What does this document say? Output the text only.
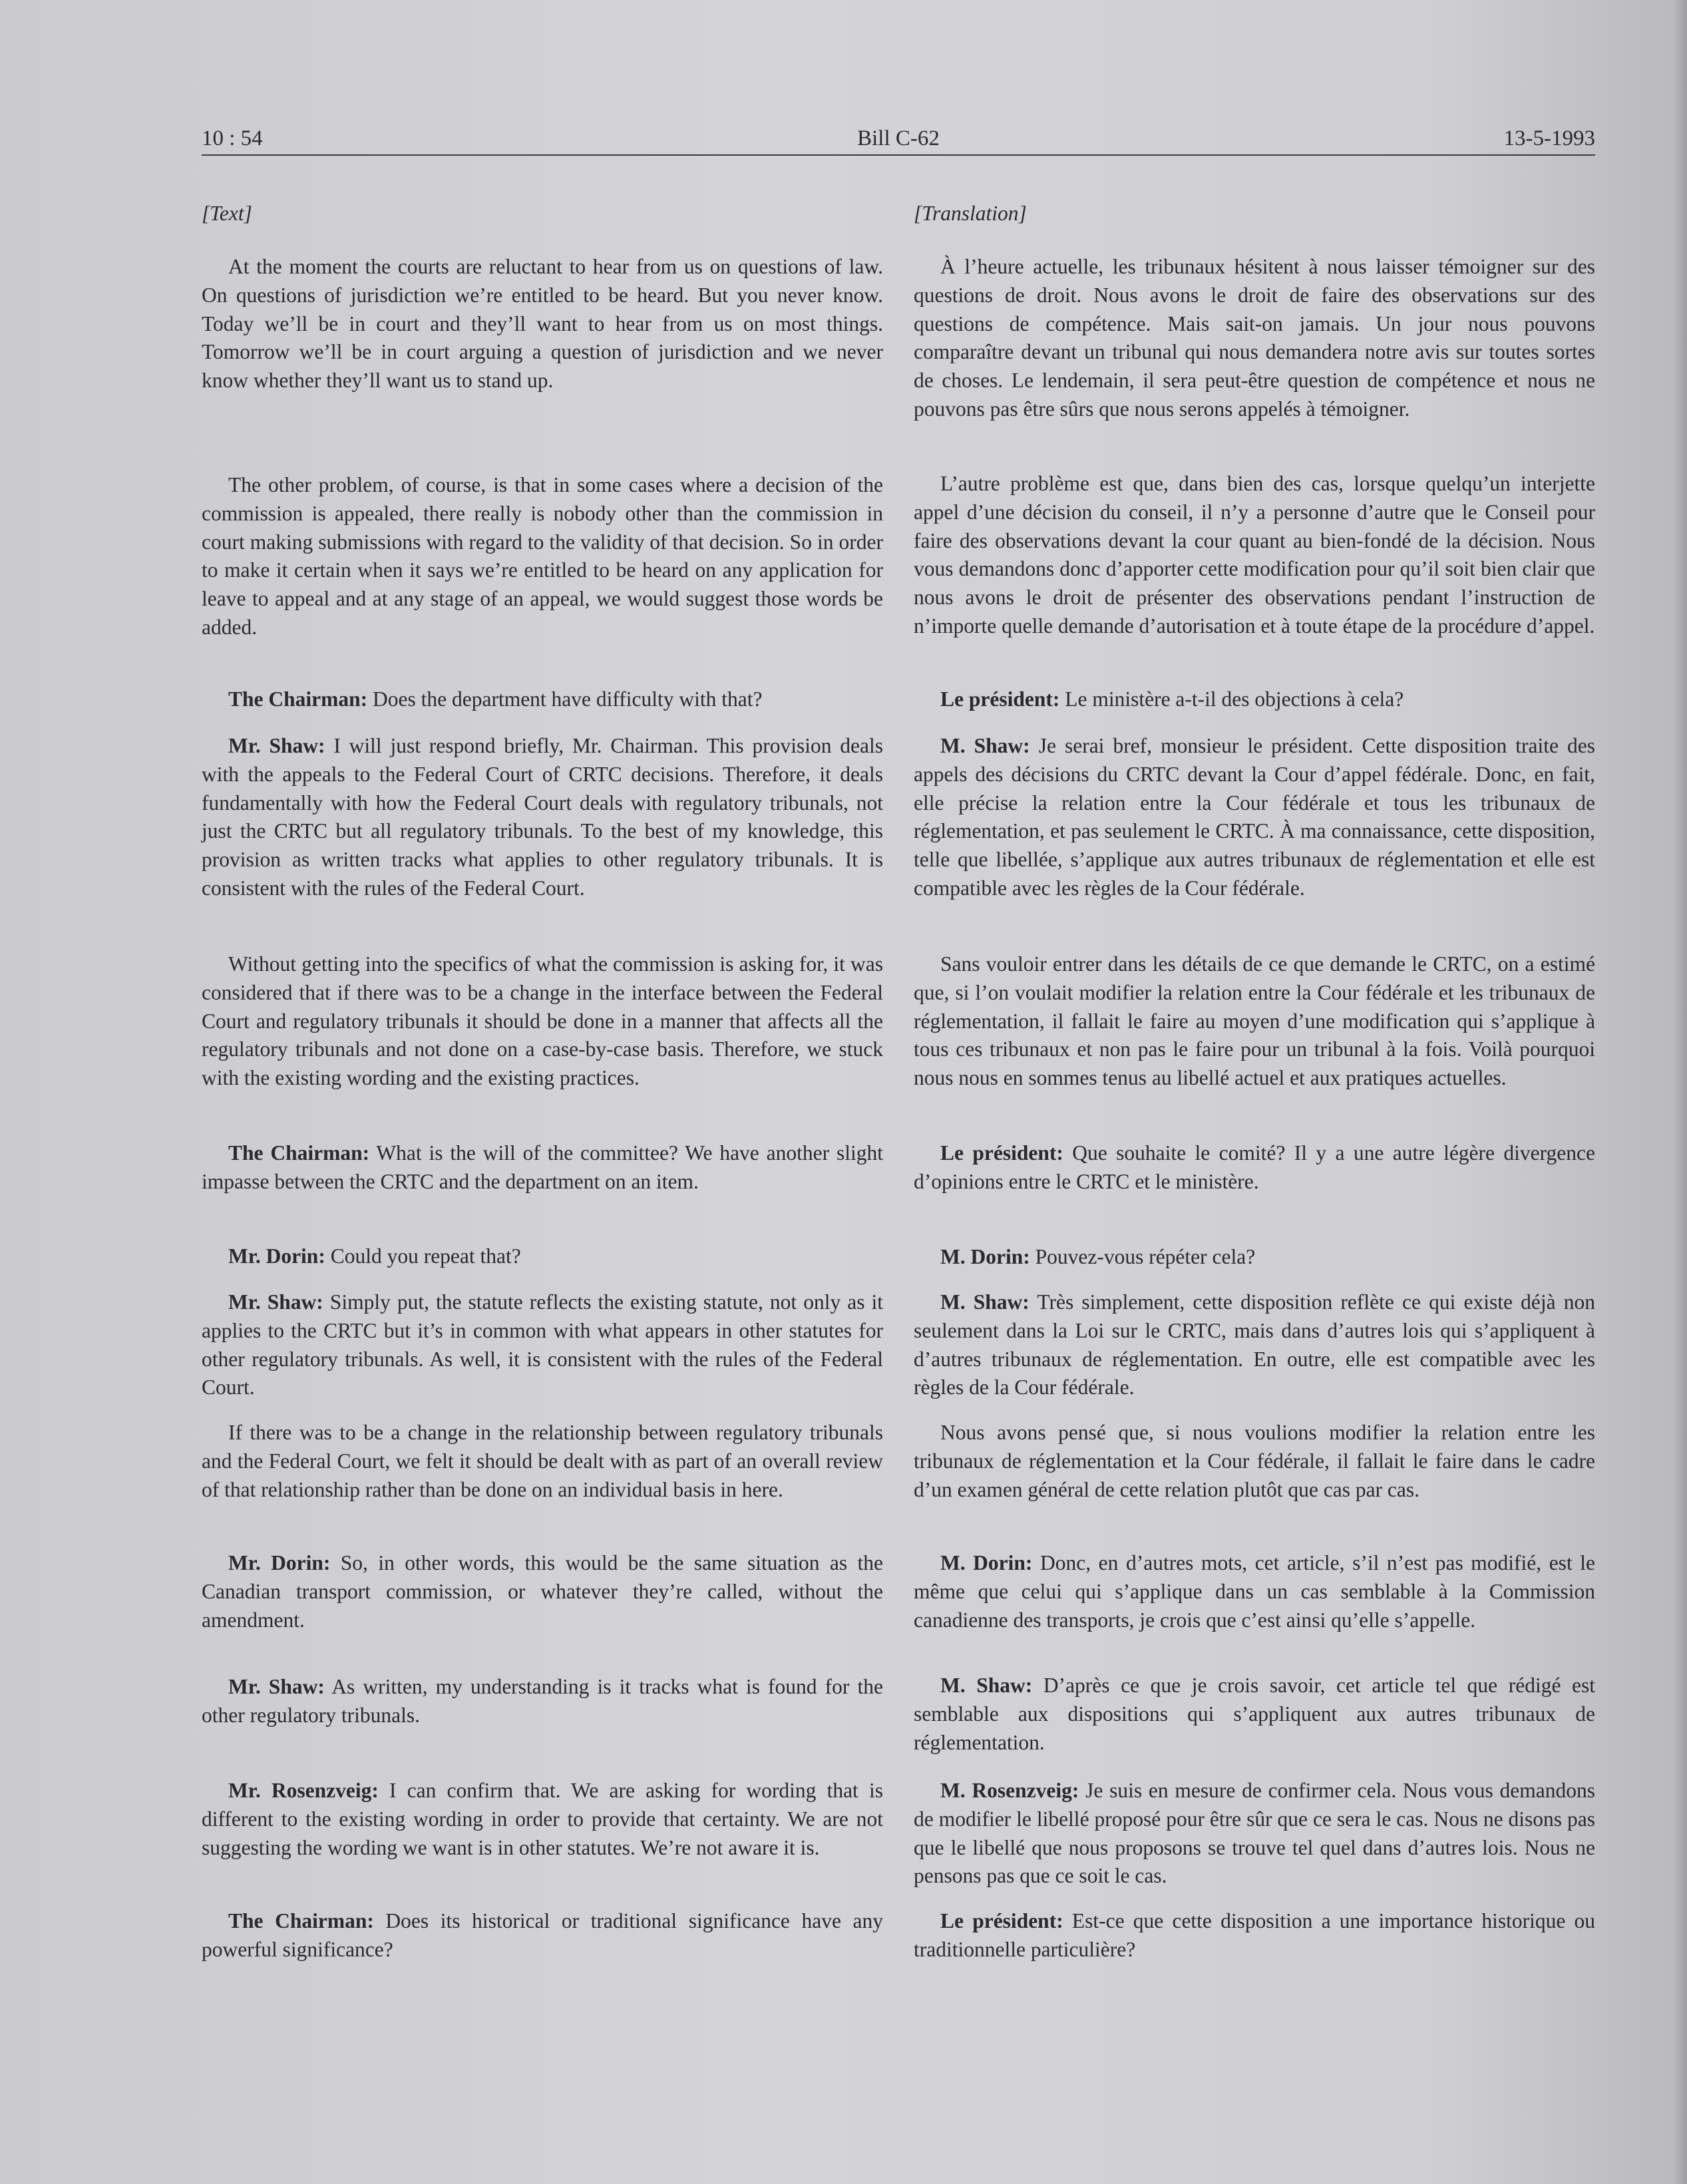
10 : 54	Bill C-62	13-5-1993

[Text]

At the moment the courts are reluctant to hear from us on questions of law. On questions of jurisdiction we’re entitled to be heard. But you never know. Today we’ll be in court and they’ll want to hear from us on most things. Tomorrow we’ll be in court arguing a question of jurisdiction and we never know whether they’ll want us to stand up.

The other problem, of course, is that in some cases where a decision of the commission is appealed, there really is nobody other than the commission in court making submissions with regard to the validity of that decision. So in order to make it certain when it says we’re entitled to be heard on any application for leave to appeal and at any stage of an appeal, we would suggest those words be added.

The Chairman: Does the department have difficulty with that?

Mr. Shaw: I will just respond briefly, Mr. Chairman. This provision deals with the appeals to the Federal Court of CRTC decisions. Therefore, it deals fundamentally with how the Federal Court deals with regulatory tribunals, not just the CRTC but all regulatory tribunals. To the best of my knowledge, this provision as written tracks what applies to other regulatory tribunals. It is consistent with the rules of the Federal Court.

Without getting into the specifics of what the commission is asking for, it was considered that if there was to be a change in the interface between the Federal Court and regulatory tribunals it should be done in a manner that affects all the regulatory tribunals and not done on a case-by-case basis. Therefore, we stuck with the existing wording and the existing practices.

The Chairman: What is the will of the committee? We have another slight impasse between the CRTC and the department on an item.

Mr. Dorin: Could you repeat that?

Mr. Shaw: Simply put, the statute reflects the existing statute, not only as it applies to the CRTC but it’s in common with what appears in other statutes for other regulatory tribunals. As well, it is consistent with the rules of the Federal Court.

If there was to be a change in the relationship between regulatory tribunals and the Federal Court, we felt it should be dealt with as part of an overall review of that relationship rather than be done on an individual basis in here.

Mr. Dorin: So, in other words, this would be the same situation as the Canadian transport commission, or whatever they’re called, without the amendment.

Mr. Shaw: As written, my understanding is it tracks what is found for the other regulatory tribunals.

Mr. Rosenzveig: I can confirm that. We are asking for wording that is different to the existing wording in order to provide that certainty. We are not suggesting the wording we want is in other statutes. We’re not aware it is.

The Chairman: Does its historical or traditional significance have any powerful significance?

[Translation]

À l’heure actuelle, les tribunaux hésitent à nous laisser témoigner sur des questions de droit. Nous avons le droit de faire des observations sur des questions de compétence. Mais sait-on jamais. Un jour nous pouvons comparaître devant un tribunal qui nous demandera notre avis sur toutes sortes de choses. Le lendemain, il sera peut-être question de compétence et nous ne pouvons pas être sûrs que nous serons appelés à témoigner.

L’autre problème est que, dans bien des cas, lorsque quelqu’un interjette appel d’une décision du conseil, il n’y a personne d’autre que le Conseil pour faire des observations devant la cour quant au bien-fondé de la décision. Nous vous demandons donc d’apporter cette modification pour qu’il soit bien clair que nous avons le droit de présenter des observations pendant l’instruction de n’importe quelle demande d’autorisation et à toute étape de la procédure d’appel.

Le président: Le ministère a-t-il des objections à cela?

M. Shaw: Je serai bref, monsieur le président. Cette disposition traite des appels des décisions du CRTC devant la Cour d’appel fédérale. Donc, en fait, elle précise la relation entre la Cour fédérale et tous les tribunaux de réglementation, et pas seulement le CRTC. À ma connaissance, cette disposition, telle que libellée, s’applique aux autres tribunaux de réglementation et elle est compatible avec les règles de la Cour fédérale.

Sans vouloir entrer dans les détails de ce que demande le CRTC, on a estimé que, si l’on voulait modifier la relation entre la Cour fédérale et les tribunaux de réglementation, il fallait le faire au moyen d’une modification qui s’applique à tous ces tribunaux et non pas le faire pour un tribunal à la fois. Voilà pourquoi nous nous en sommes tenus au libellé actuel et aux pratiques actuelles.

Le président: Que souhaite le comité? Il y a une autre légère divergence d’opinions entre le CRTC et le ministère.

M. Dorin: Pouvez-vous répéter cela?

M. Shaw: Très simplement, cette disposition reflète ce qui existe déjà non seulement dans la Loi sur le CRTC, mais dans d’autres lois qui s’appliquent à d’autres tribunaux de réglementation. En outre, elle est compatible avec les règles de la Cour fédérale.

Nous avons pensé que, si nous voulions modifier la relation entre les tribunaux de réglementation et la Cour fédérale, il fallait le faire dans le cadre d’un examen général de cette relation plutôt que cas par cas.

M. Dorin: Donc, en d’autres mots, cet article, s’il n’est pas modifié, est le même que celui qui s’applique dans un cas semblable à la Commission canadienne des transports, je crois que c’est ainsi qu’elle s’appelle.

M. Shaw: D’après ce que je crois savoir, cet article tel que rédigé est semblable aux dispositions qui s’appliquent aux autres tribunaux de réglementation.

M. Rosenzveig: Je suis en mesure de confirmer cela. Nous vous demandons de modifier le libellé proposé pour être sûr que ce sera le cas. Nous ne disons pas que le libellé que nous proposons se trouve tel quel dans d’autres lois. Nous ne pensons pas que ce soit le cas.

Le président: Est-ce que cette disposition a une importance historique ou traditionnelle particulière?
